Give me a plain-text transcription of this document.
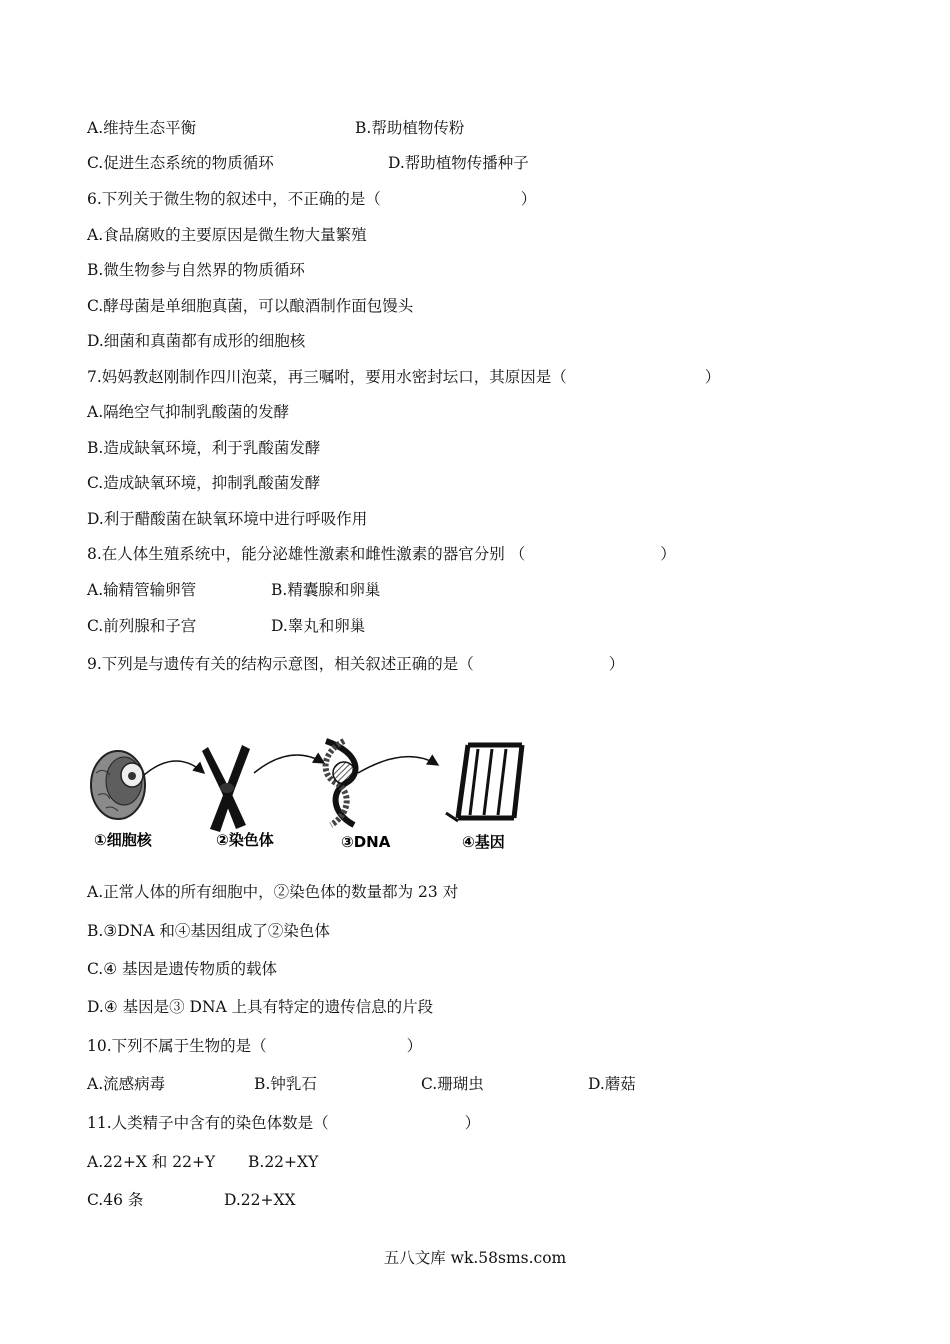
A.维持生态平衡	B.帮助植物传粉
C.促进生态系统的物质循环	D.帮助植物传播种子
6.下列关于微生物的叙述中，不正确的是（	）
A.食品腐败的主要原因是微生物大量繁殖
B.微生物参与自然界的物质循环
C.酵母菌是单细胞真菌，可以酿酒制作面包馒头
D.细菌和真菌都有成形的细胞核
7.妈妈教赵刚制作四川泡菜，再三嘱咐，要用水密封坛口，其原因是（	）
A.隔绝空气抑制乳酸菌的发酵
B.造成缺氧环境，利于乳酸菌发酵
C.造成缺氧环境，抑制乳酸菌发酵
D.利于醋酸菌在缺氧环境中进行呼吸作用
8.在人体生殖系统中，能分泌雄性激素和雌性激素的器官分别 （	）
A.输精管输卵管	B.精囊腺和卵巢
C.前列腺和子宫	D.睾丸和卵巢
9.下列是与遗传有关的结构示意图，相关叙述正确的是（	）
①细胞核	②染色体	③DNA	④基因
A.正常人体的所有细胞中，②染色体的数量都为 23 对
B.③DNA 和④基因组成了②染色体
C.④ 基因是遗传物质的载体
D.④ 基因是③ DNA 上具有特定的遗传信息的片段
10.下列不属于生物的是（	）
A.流感病毒	B.钟乳石	C.珊瑚虫	D.蘑菇
11.人类精子中含有的染色体数是（	）
A.22+X 和 22+Y B.22+XY
C.46 条	D.22+XX
五八文库 wk.58sms.com
